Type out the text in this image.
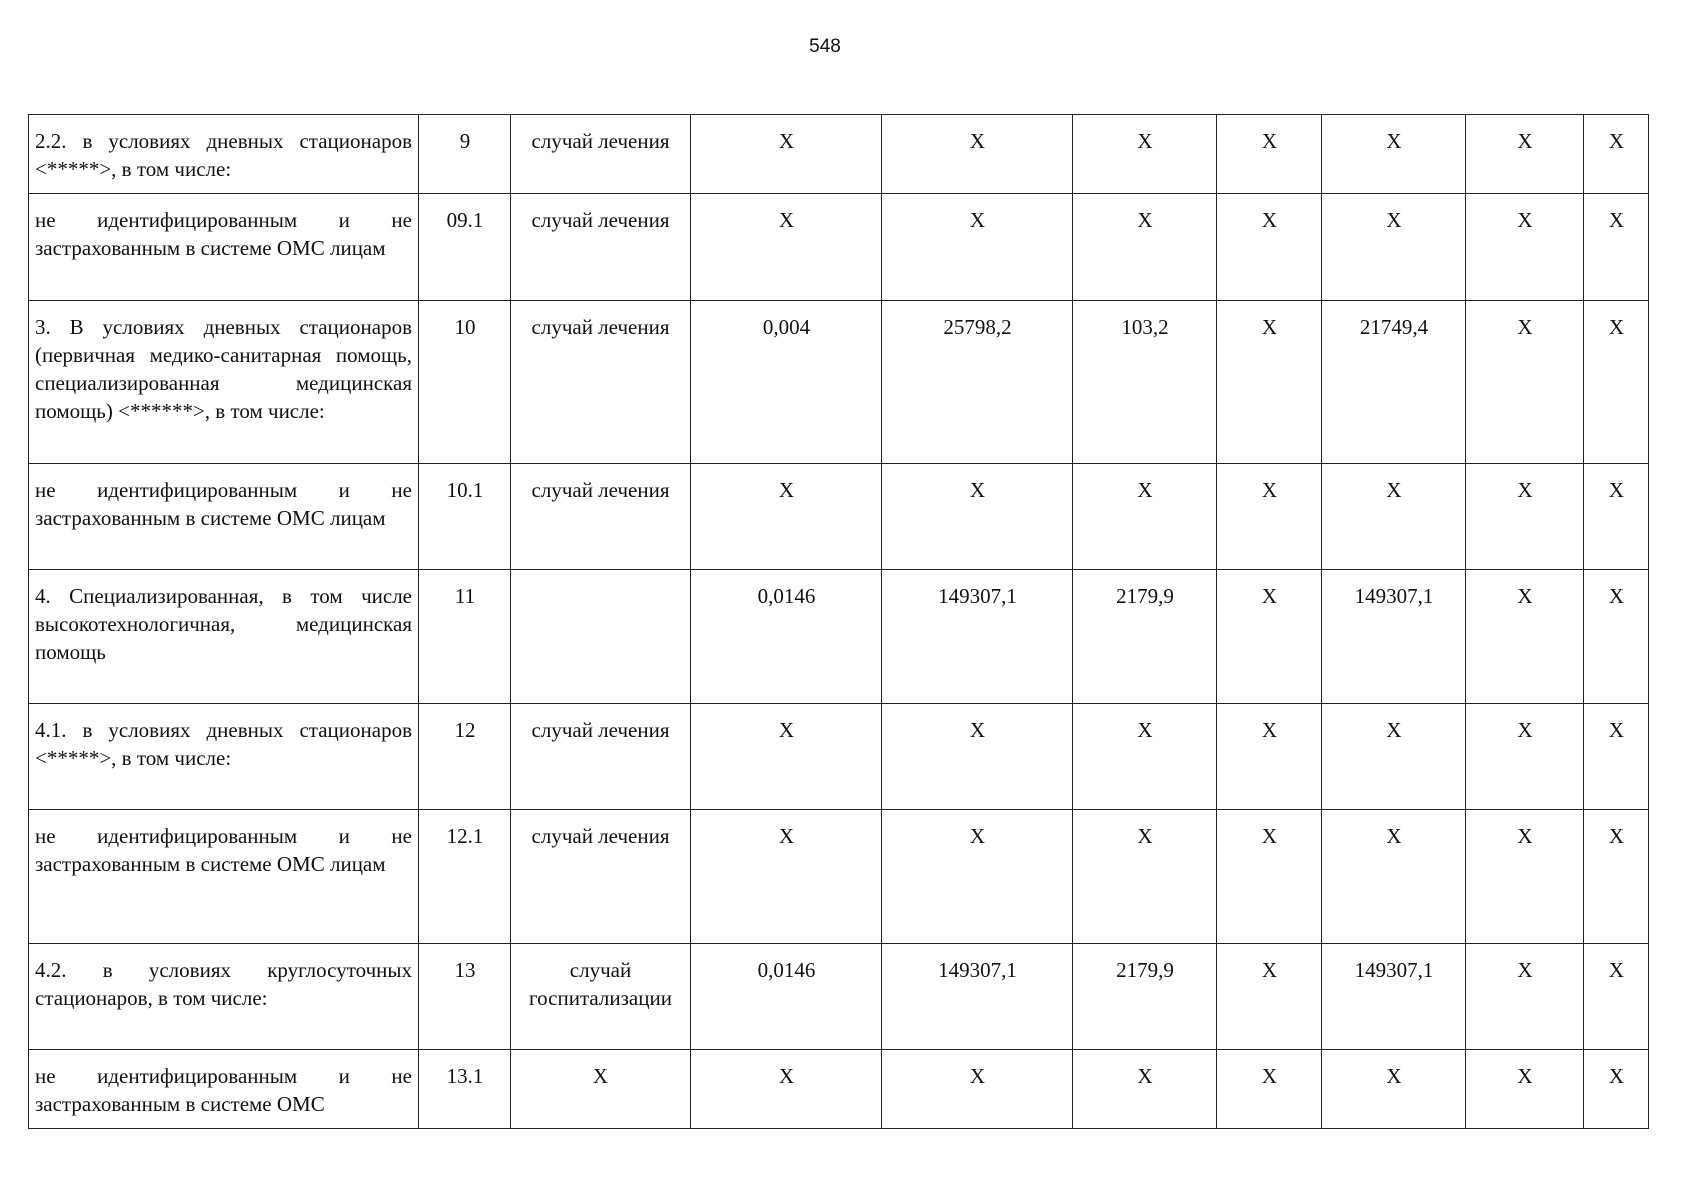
548
2.2. в условиях дневных стационаров <*****>, в том числе:	9	случай лечения	X	X	X	X	X	X	X
не идентифицированным и не застрахованным в системе ОМС лицам	09.1	случай лечения	X	X	X	X	X	X	X
3. В условиях дневных стационаров (первичная медико-санитарная помощь, специализированная медицинская помощь) <******>, в том числе:	10	случай лечения	0,004	25798,2	103,2	X	21749,4	X	X
не идентифицированным и не застрахованным в системе ОМС лицам	10.1	случай лечения	X	X	X	X	X	X	X
4. Специализированная, в том числе высокотехнологичная, медицинская помощь	11		0,0146	149307,1	2179,9	X	149307,1	X	X
4.1. в условиях дневных стационаров <*****>, в том числе:	12	случай лечения	X	X	X	X	X	X	X
не идентифицированным и не застрахованным в системе ОМС лицам	12.1	случай лечения	X	X	X	X	X	X	X
4.2. в условиях круглосуточных стационаров, в том числе:	13	случай госпитализации	0,0146	149307,1	2179,9	X	149307,1	X	X
не идентифицированным и не застрахованным в системе ОМС	13.1	X	X	X	X	X	X	X	X
